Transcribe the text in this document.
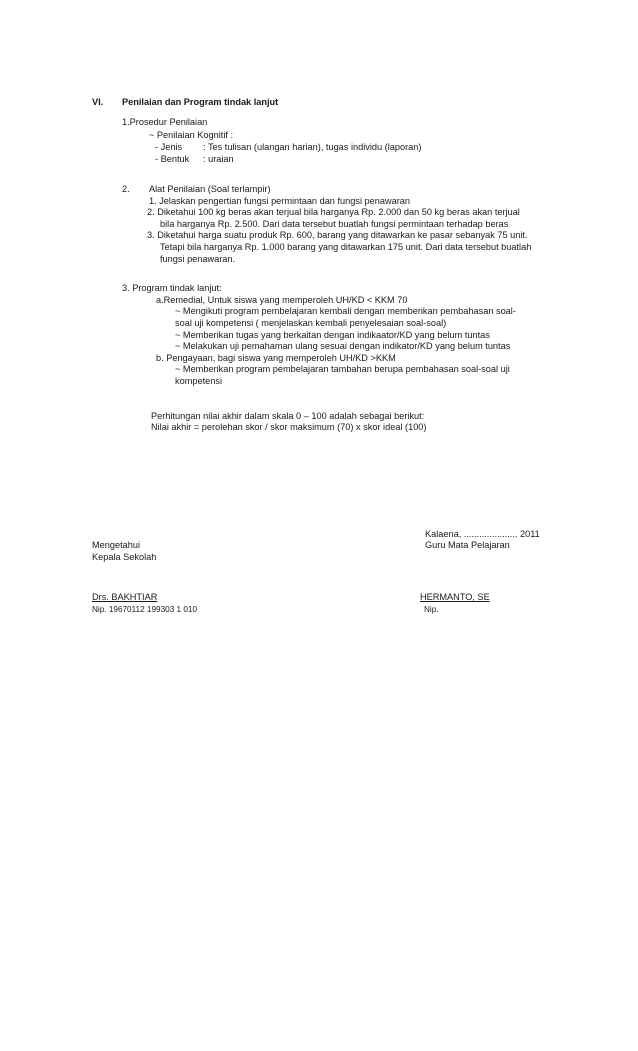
VI. Penilaian dan Program tindak lanjut
1.Prosedur Penilaian
~ Penilaian Kognitif :
- Jenis : Tes tulisan (ulangan harian), tugas individu (laporan)
- Bentuk : uraian
2. Alat Penilaian (Soal terlampir)
1. Jelaskan pengertian fungsi permintaan dan fungsi penawaran
2. Diketahui 100 kg beras akan terjual bila harganya Rp. 2.000 dan 50 kg beras akan terjual
bila harganya Rp. 2.500. Dari data tersebut buatlah fungsi permintaan terhadap beras
3. Diketahui harga suatu produk Rp. 600, barang yang ditawarkan ke pasar sebanyak 75 unit.
Tetapi bila harganya Rp. 1.000 barang yang ditawarkan 175 unit. Dari data tersebut buatlah
fungsi penawaran.
3. Program tindak lanjut:
a.Remedial, Untuk siswa yang memperoleh UH/KD < KKM 70
~ Mengikuti program pembelajaran kembali dengan memberikan pembahasan soal-
soal uji kompetensi ( menjelaskan kembali penyelesaian soal-soal)
~ Memberikan tugas yang berkaitan dengan indikaator/KD yang belum tuntas
~ Melakukan uji pemahaman ulang sesuai dengan indikator/KD yang belum tuntas
b. Pengayaan, bagi siswa yang memperoleh UH/KD >KKM
~ Memberikan program pembelajaran tambahan berupa pembahasan soal-soal uji
kompetensi
Perhitungan nilai akhir dalam skala 0 – 100 adalah sebagai berikut:
Nilai akhir = perolehan skor / skor maksimum (70) x skor ideal (100)
Kalaena, ..................... 2011
Mengetahui	Guru Mata Pelajaran
Kepala Sekolah
Drs. BAKHTIAR	HERMANTO, SE
Nip. 19670112 199303 1 010	Nip.
